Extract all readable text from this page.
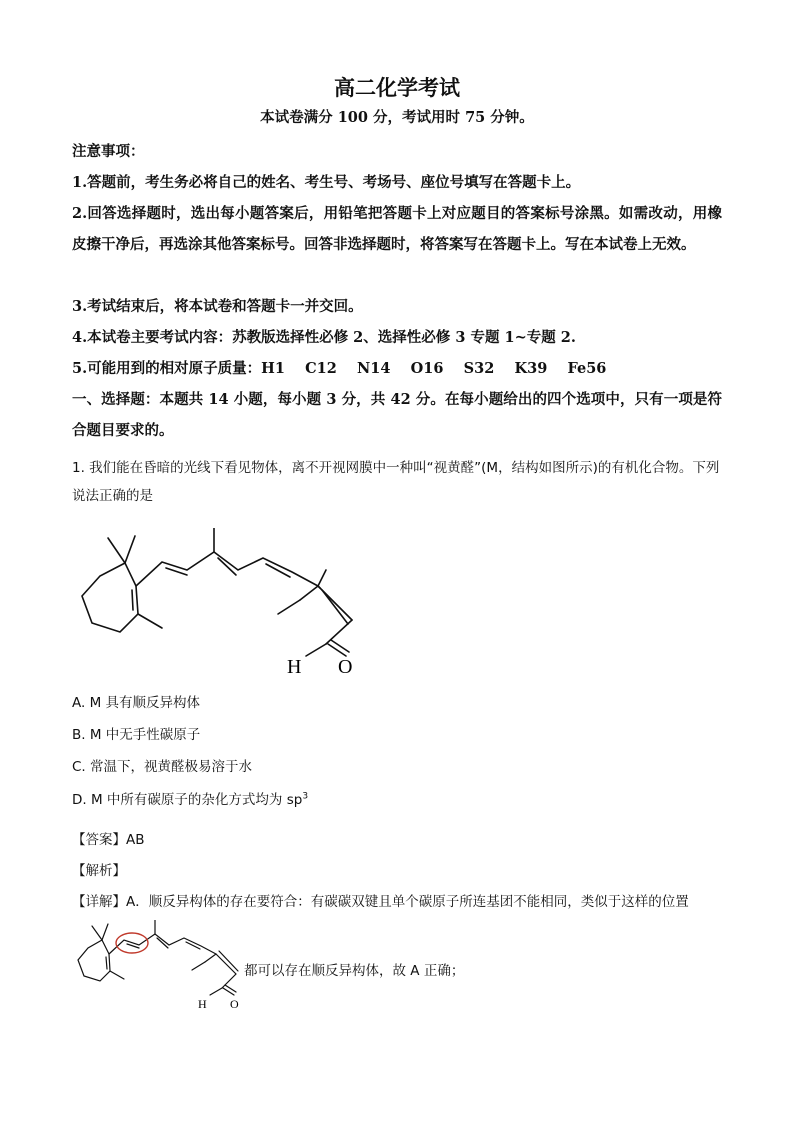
高二化学考试
本试卷满分 100 分，考试用时 75 分钟。
注意事项：
1.答题前，考生务必将自己的姓名、考生号、考场号、座位号填写在答题卡上。
2.回答选择题时，选出每小题答案后，用铅笔把答题卡上对应题目的答案标号涂黑。如需改动，用橡皮擦干净后，再选涂其他答案标号。回答非选择题时，将答案写在答题卡上。写在本试卷上无效。
3.考试结束后，将本试卷和答题卡一并交回。
4.本试卷主要考试内容：苏教版选择性必修 2、选择性必修 3 专题 1~专题 2.
5.可能用到的相对原子质量：H1    C12    N14    O16    S32    K39    Fe56
一、选择题：本题共 14 小题，每小题 3 分，共 42 分。在每小题给出的四个选项中，只有一项是符合题目要求的。
1. 我们能在昏暗的光线下看见物体，离不开视网膜中一种叫“视黄醛”(M，结构如图所示)的有机化合物。下列说法正确的是
H O
A. M 具有顺反异构体
B. M 中无手性碳原子
C. 常温下，视黄醛极易溶于水
D. M 中所有碳原子的杂化方式均为 $sp^3$
【答案】AB
【解析】
【详解】A．顺反异构体的存在要符合：有碳碳双键且单个碳原子所连基团不能相同，类似于这样的位置
H O
都可以存在顺反异构体，故 A 正确；
